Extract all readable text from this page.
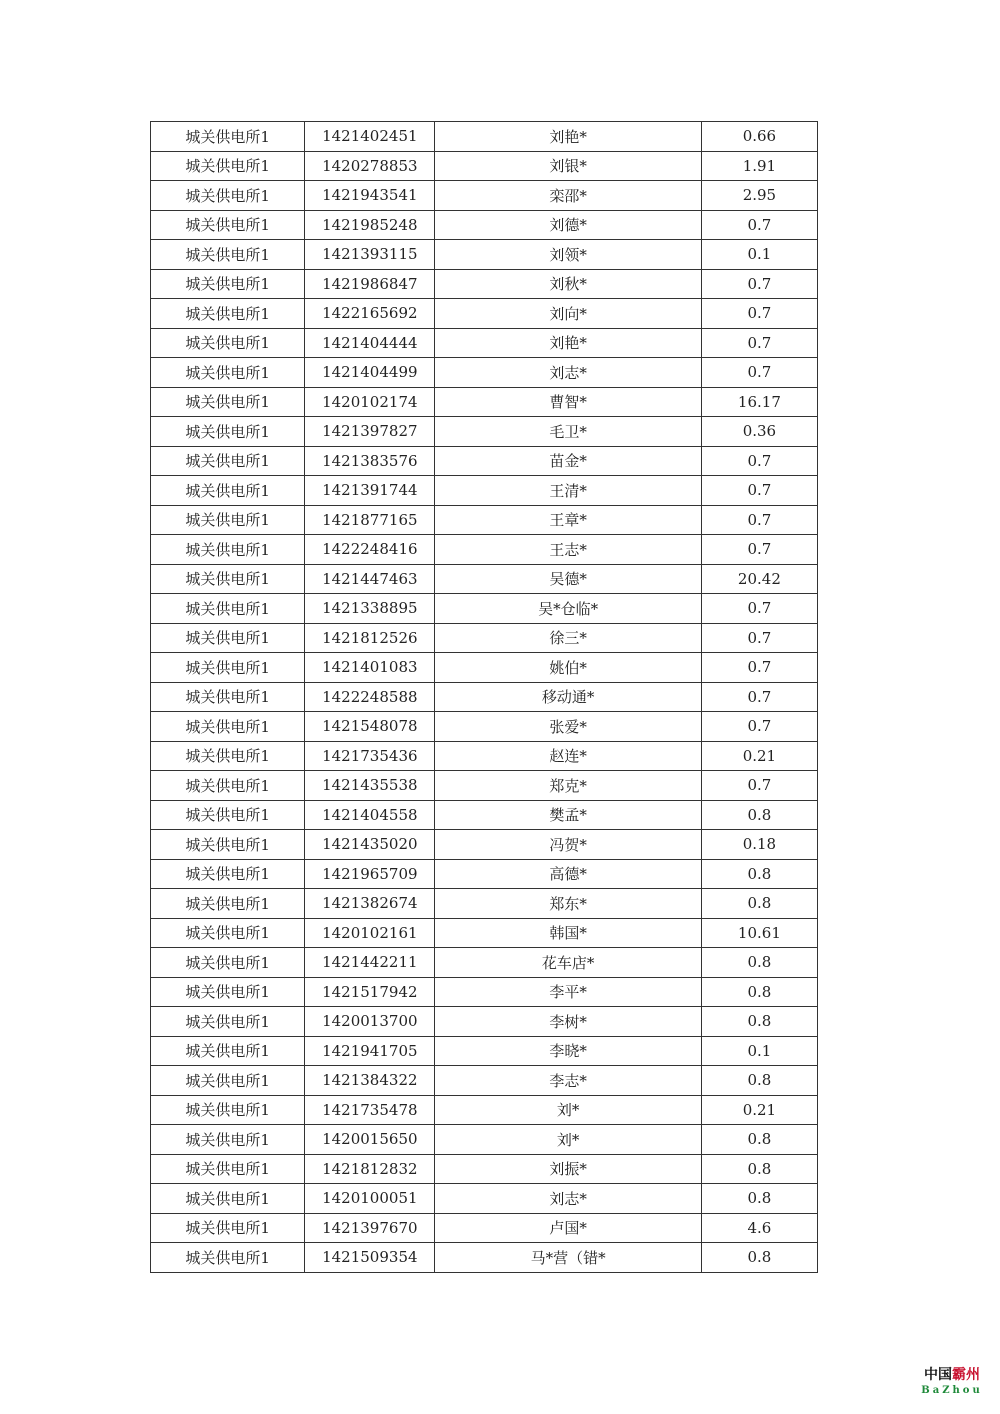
城关供电所1	1421402451	刘艳*	0.66
城关供电所1	1420278853	刘银*	1.91
城关供电所1	1421943541	栾邵*	2.95
城关供电所1	1421985248	刘德*	0.7
城关供电所1	1421393115	刘领*	0.1
城关供电所1	1421986847	刘秋*	0.7
城关供电所1	1422165692	刘向*	0.7
城关供电所1	1421404444	刘艳*	0.7
城关供电所1	1421404499	刘志*	0.7
城关供电所1	1420102174	曹智*	16.17
城关供电所1	1421397827	毛卫*	0.36
城关供电所1	1421383576	苗金*	0.7
城关供电所1	1421391744	王清*	0.7
城关供电所1	1421877165	王章*	0.7
城关供电所1	1422248416	王志*	0.7
城关供电所1	1421447463	吴德*	20.42
城关供电所1	1421338895	吴*仓临*	0.7
城关供电所1	1421812526	徐三*	0.7
城关供电所1	1421401083	姚伯*	0.7
城关供电所1	1422248588	移动通*	0.7
城关供电所1	1421548078	张爱*	0.7
城关供电所1	1421735436	赵连*	0.21
城关供电所1	1421435538	郑克*	0.7
城关供电所1	1421404558	樊孟*	0.8
城关供电所1	1421435020	冯贺*	0.18
城关供电所1	1421965709	高德*	0.8
城关供电所1	1421382674	郑东*	0.8
城关供电所1	1420102161	韩国*	10.61
城关供电所1	1421442211	花车店*	0.8
城关供电所1	1421517942	李平*	0.8
城关供电所1	1420013700	李树*	0.8
城关供电所1	1421941705	李晓*	0.1
城关供电所1	1421384322	李志*	0.8
城关供电所1	1421735478	刘*	0.21
城关供电所1	1420015650	刘*	0.8
城关供电所1	1421812832	刘振*	0.8
城关供电所1	1420100051	刘志*	0.8
城关供电所1	1421397670	卢国*	4.6
城关供电所1	1421509354	马*营（错*	0.8
中国霸州
BaZhou
